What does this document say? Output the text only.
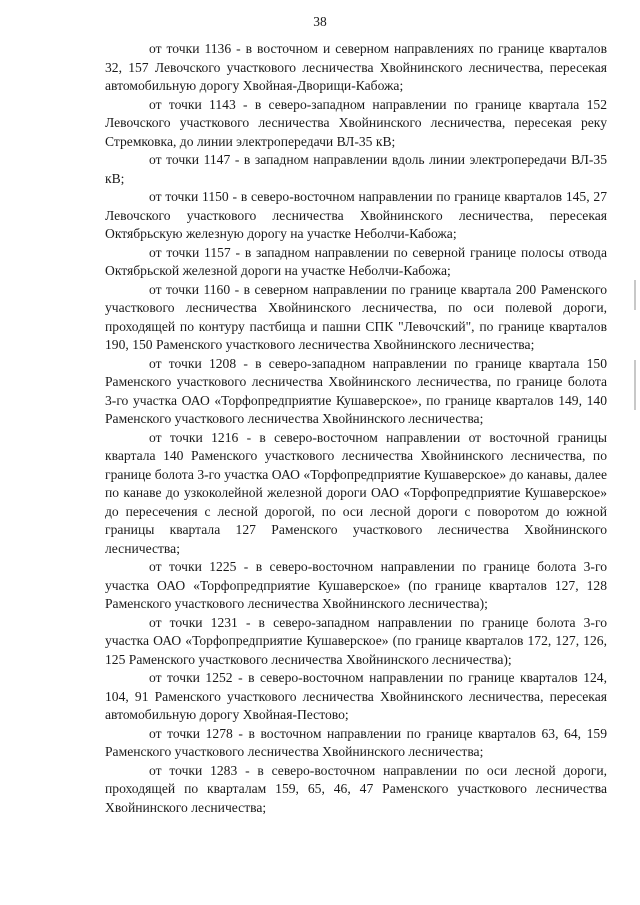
38

от точки 1136 - в восточном и северном направлениях по границе кварталов 32, 157 Левочского участкового лесничества Хвойнинского лесничества, пересекая автомобильную дорогу Хвойная-Дворищи-Кабожа;

от точки 1143 - в северо-западном направлении по границе квартала 152 Левочского участкового лесничества Хвойнинского лесничества, пересекая реку Стремковка, до линии электропередачи ВЛ-35 кВ;

от точки 1147 - в западном направлении вдоль линии электропередачи ВЛ-35 кВ;

от точки 1150 - в северо-восточном направлении по границе кварталов 145, 27 Левочского участкового лесничества Хвойнинского лесничества, пересекая Октябрьскую железную дорогу на участке Неболчи-Кабожа;

от точки 1157 - в западном направлении по северной границе полосы отвода Октябрьской железной дороги на участке Неболчи-Кабожа;

от точки 1160 - в северном направлении по границе квартала 200 Раменского участкового лесничества Хвойнинского лесничества, по оси полевой дороги, проходящей по контуру пастбища и пашни СПК "Левочский", по границе кварталов 190, 150 Раменского участкового лесничества Хвойнинского лесничества;

от точки 1208 - в северо-западном направлении по границе квартала 150 Раменского участкового лесничества Хвойнинского лесничества, по границе болота 3-го участка ОАО «Торфопредприятие Кушаверское», по границе кварталов 149, 140 Раменского участкового лесничества Хвойнинского лесничества;

от точки 1216 - в северо-восточном направлении от восточной границы квартала 140 Раменского участкового лесничества Хвойнинского лесничества, по границе болота 3-го участка ОАО «Торфопредприятие Кушаверское» до канавы, далее по канаве до узкоколейной железной дороги ОАО «Торфопредприятие Кушаверское» до пересечения с лесной дорогой, по оси лесной дороги с поворотом до южной границы квартала 127 Раменского участкового лесничества Хвойнинского лесничества;

от точки 1225 - в северо-восточном направлении по границе болота 3-го участка ОАО «Торфопредприятие Кушаверское» (по границе кварталов 127, 128 Раменского участкового лесничества Хвойнинского лесничества);

от точки 1231 - в северо-западном направлении по границе болота 3-го участка ОАО «Торфопредприятие Кушаверское» (по границе кварталов 172, 127, 126, 125 Раменского участкового лесничества Хвойнинского лесничества);

от точки 1252 - в северо-восточном направлении по границе кварталов 124, 104, 91 Раменского участкового лесничества Хвойнинского лесничества, пересекая автомобильную дорогу Хвойная-Пестово;

от точки 1278 - в восточном направлении по границе кварталов 63, 64, 159 Раменского участкового лесничества Хвойнинского лесничества;

от точки 1283 - в северо-восточном направлении по оси лесной дороги, проходящей по кварталам 159, 65, 46, 47 Раменского участкового лесничества Хвойнинского лесничества;
